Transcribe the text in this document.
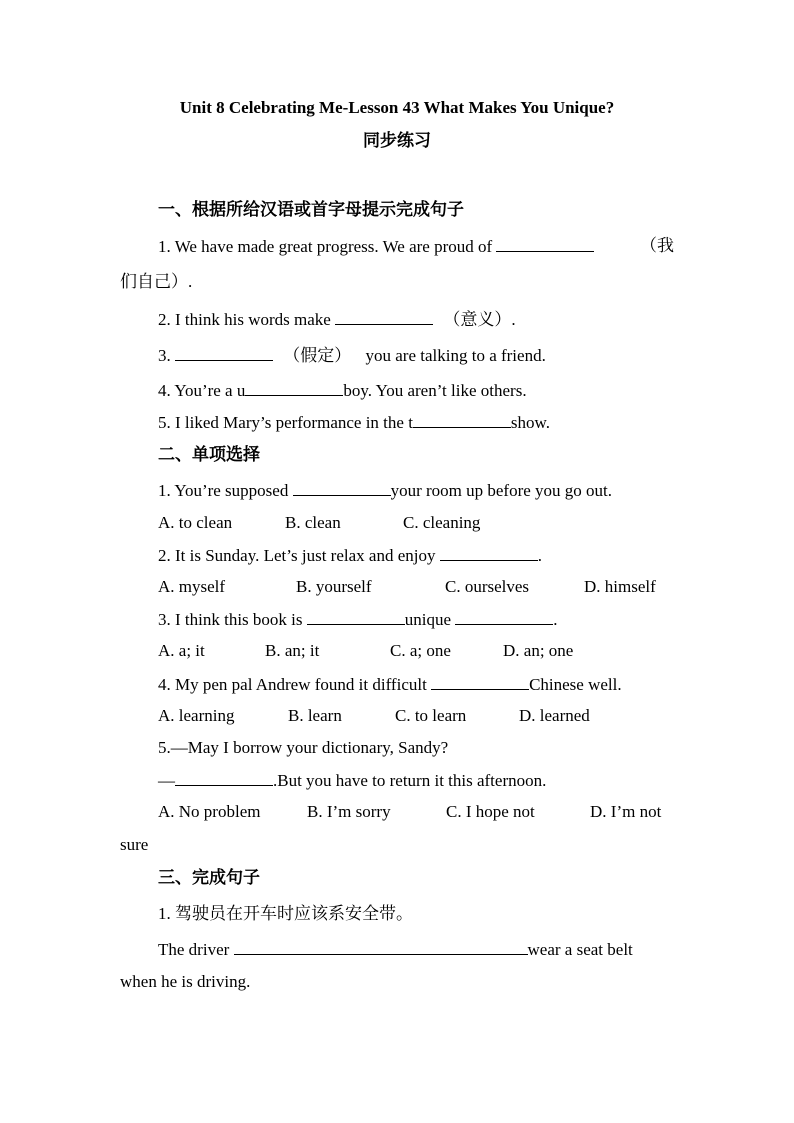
Unit 8 Celebrating Me-Lesson 43 What Makes You Unique?
同步练习
一、根据所给汉语或首字母提示完成句子
1. We have made great progress. We are proud of	（我
们自己）.
2. I think his words make	（意义）.
3.	（假定） you are talking to a friend.
4. You’re a u	boy. You aren’t like others.
5. I liked Mary’s performance in the t	show.
二、单项选择
1. You’re supposed	your room up before you go out.
A. to clean	B. clean	C. cleaning
2. It is Sunday. Let’s just relax and enjoy	.
A. myself	B. yourself	C. ourselves	D. himself
3. I think this book is	unique	.
A. a; it	B. an; it	C. a; one	D. an; one
4. My pen pal Andrew found it difficult	Chinese well.
A. learning	B. learn	C. to learn	D. learned
5.—May I borrow your dictionary, Sandy?
—	.But you have to return it this afternoon.
A. No problem	B. I’m sorry	C. I hope not	D. I’m not
sure
三、完成句子
1. 驾驶员在开车时应该系安全带。
The driver	wear a seat belt
when he is driving.
